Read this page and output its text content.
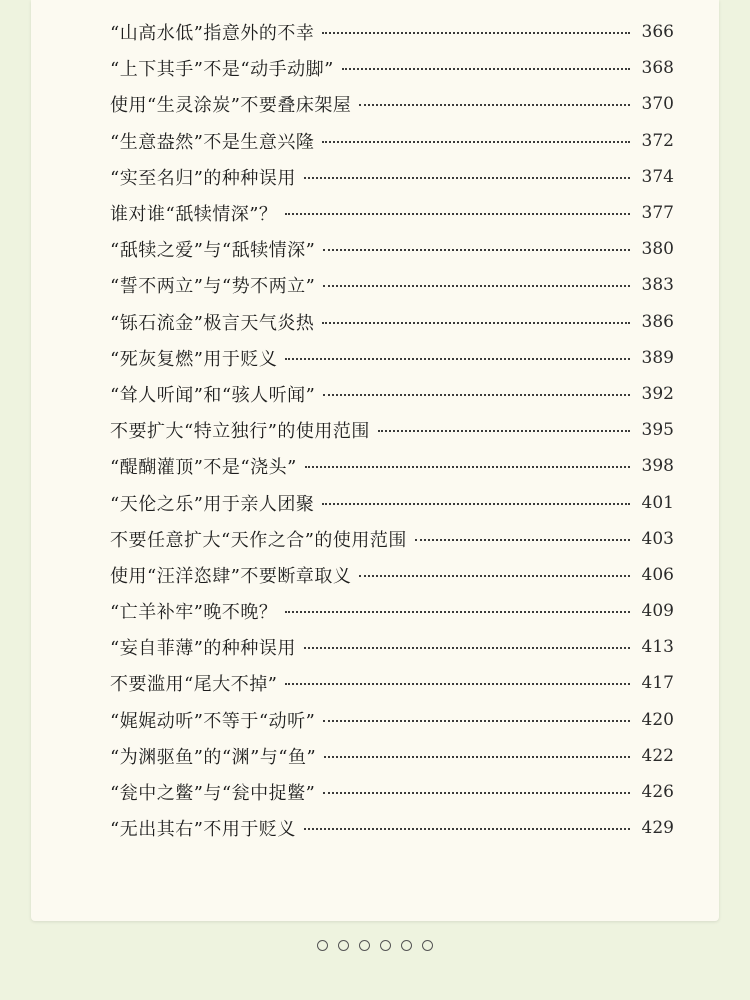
“山高水低”指意外的不幸	366
“上下其手”不是“动手动脚”	368
使用“生灵涂炭”不要叠床架屋	370
“生意盎然”不是生意兴隆	372
“实至名归”的种种误用	374
谁对谁“舐犊情深”？	377
“舐犊之爱”与“舐犊情深”	380
“誓不两立”与“势不两立”	383
“铄石流金”极言天气炎热	386
“死灰复燃”用于贬义	389
“耸人听闻”和“骇人听闻”	392
不要扩大“特立独行”的使用范围	395
“醍醐灌顶”不是“浇头”	398
“天伦之乐”用于亲人团聚	401
不要任意扩大“天作之合”的使用范围	403
使用“汪洋恣肆”不要断章取义	406
“亡羊补牢”晚不晚？	409
“妄自菲薄”的种种误用	413
不要滥用“尾大不掉”	417
“娓娓动听”不等于“动听”	420
“为渊驱鱼”的“渊”与“鱼”	422
“瓮中之鳖”与“瓮中捉鳖”	426
“无出其右”不用于贬义	429
